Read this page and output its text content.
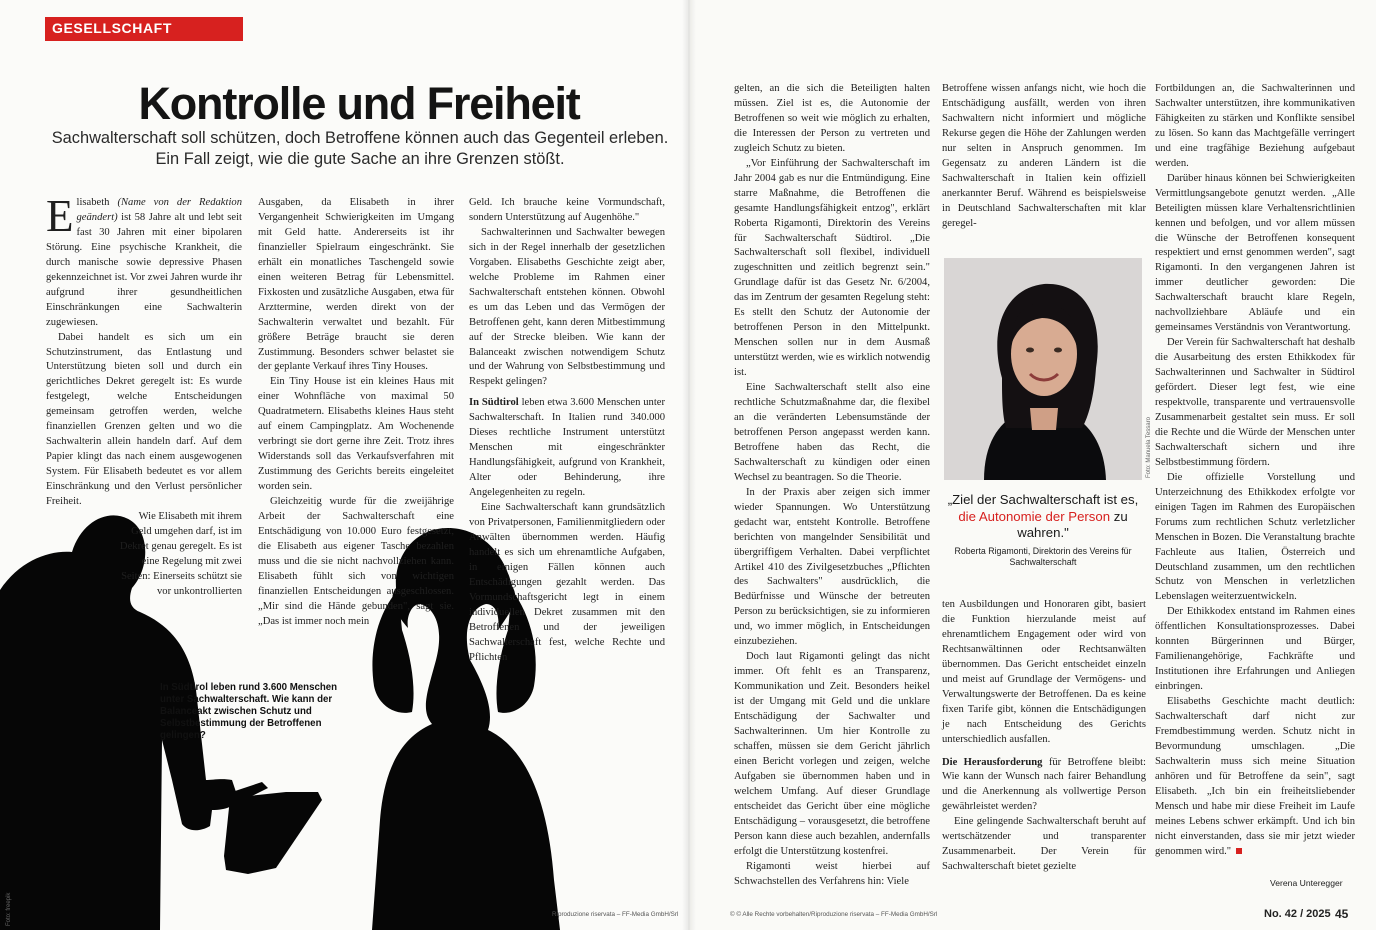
GESELLSCHAFT
Kontrolle und Freiheit
Sachwalterschaft soll schützen, doch Betroffene können auch das Gegenteil erleben.
Ein Fall zeigt, wie die gute Sache an ihre Grenzen stößt.

Elisabeth (Name von der Redaktion geändert) ist 58 Jahre alt und lebt seit fast 30 Jahren mit einer bipolaren Störung. Eine psychische Krankheit, die durch manische sowie depressive Phasen gekennzeichnet ist. Vor zwei Jahren wurde ihr aufgrund ihrer gesundheitlichen Einschränkungen eine Sachwalterin zugewiesen.

Dabei handelt es sich um ein Schutzinstrument, das Entlastung und Unterstützung bieten soll und durch ein gerichtliches Dekret geregelt ist: Es wurde festgelegt, welche Entscheidungen gemeinsam getroffen werden, welche finanziellen Grenzen gelten und wo die Sachwalterin allein handeln darf. Auf dem Papier klingt das nach einem ausgewogenen System. Für Elisabeth bedeutet es vor allem Einschränkung und den Verlust persönlicher Freiheit.

Wie Elisabeth mit ihrem Geld umgehen darf, ist im Dekret genau geregelt. Es ist eine Regelung mit zwei Seiten: Einerseits schützt sie vor unkontrollierten

Ausgaben, da Elisabeth in ihrer Vergangenheit Schwierigkeiten im Umgang mit Geld hatte. Andererseits ist ihr finanzieller Spielraum eingeschränkt. Sie erhält ein monatliches Taschengeld sowie einen weiteren Betrag für Lebensmittel. Fixkosten und zusätzliche Ausgaben, etwa für Arzttermine, werden direkt von der Sachwalterin verwaltet und bezahlt. Für größere Beträge braucht sie deren Zustimmung. Besonders schwer belastet sie der geplante Verkauf ihres Tiny Houses.

Ein Tiny House ist ein kleines Haus mit einer Wohnfläche von maximal 50 Quadratmetern. Elisabeths kleines Haus steht auf einem Campingplatz. Am Wochenende verbringt sie dort gerne ihre Zeit. Trotz ihres Widerstands soll das Verkaufsverfahren mit Zustimmung des Gerichts bereits eingeleitet worden sein.

Gleichzeitig wurde für die zweijährige Arbeit der Sachwalterschaft eine Entschädigung von 10.000 Euro festgesetzt, die Elisabeth aus eigener Tasche bezahlen muss und die sie nicht nachvollziehen kann. Elisabeth fühlt sich von wichtigen finanziellen Entscheidungen ausgeschlossen. „Mir sind die Hände gebunden", sagt sie. „Das ist immer noch mein

Geld. Ich brauche keine Vormundschaft, sondern Unterstützung auf Augenhöhe."

Sachwalterinnen und Sachwalter bewegen sich in der Regel innerhalb der gesetzlichen Vorgaben. Elisabeths Geschichte zeigt aber, welche Probleme im Rahmen einer Sachwalterschaft entstehen können. Obwohl es um das Leben und das Vermögen der Betroffenen geht, kann deren Mitbestimmung auf der Strecke bleiben. Wie kann der Balanceakt zwischen notwendigem Schutz und der Wahrung von Selbstbestimmung und Respekt gelingen?

In Südtirol leben etwa 3.600 Menschen unter Sachwalterschaft. In Italien rund 340.000 Dieses rechtliche Instrument unterstützt Menschen mit eingeschränkter Handlungsfähigkeit, aufgrund von Krankheit, Alter oder Behinderung, ihre Angelegenheiten zu regeln.

Eine Sachwalterschaft kann grundsätzlich von Privatpersonen, Familienmitgliedern oder Anwälten übernommen werden. Häufig handelt es sich um ehrenamtliche Aufgaben, in einigen Fällen können auch Entschädigungen gezahlt werden. Das Vormundschaftsgericht legt in einem individuellen Dekret zusammen mit den Betroffenen und der jeweiligen Sachwalterschaft fest, welche Rechte und Pflichten

In Südtirol leben rund 3.600 Menschen unter Sachwalterschaft. Wie kann der Balanceakt zwischen Schutz und Selbstbestimmung der Betroffenen gelingen?
Foto: freepik	Riproduzione riservata – FF-Media GmbH/Srl

gelten, an die sich die Beteiligten halten müssen. Ziel ist es, die Autonomie der Betroffenen so weit wie möglich zu erhalten, die Interessen der Person zu vertreten und zugleich Schutz zu bieten.

„Vor Einführung der Sachwalterschaft im Jahr 2004 gab es nur die Entmündigung. Eine starre Maßnahme, die Betroffenen die gesamte Handlungsfähigkeit entzog", erklärt Roberta Rigamonti, Direktorin des Vereins für Sachwalterschaft Südtirol. „Die Sachwalterschaft soll flexibel, individuell zugeschnitten und zeitlich begrenzt sein." Grundlage dafür ist das Gesetz Nr. 6/2004, das im Zentrum der gesamten Regelung steht: Es stellt den Schutz der Autonomie der betroffenen Person in den Mittelpunkt. Menschen sollen nur in dem Ausmaß unterstützt werden, wie es wirklich notwendig ist.

Eine Sachwalterschaft stellt also eine rechtliche Schutzmaßnahme dar, die flexibel an die veränderten Lebensumstände der betroffenen Person angepasst werden kann. Betroffene haben das Recht, die Sachwalterschaft zu kündigen oder einen Wechsel zu beantragen. So die Theorie.

In der Praxis aber zeigen sich immer wieder Spannungen. Wo Unterstützung gedacht war, entsteht Kontrolle. Betroffene berichten von mangelnder Sensibilität und übergriffigem Verhalten. Dabei verpflichtet Artikel 410 des Zivilgesetzbuches „Pflichten des Sachwalters" ausdrücklich, die Bedürfnisse und Wünsche der betreuten Person zu berücksichtigen, sie zu informieren und, wo immer möglich, in Entscheidungen einzubeziehen.

Doch laut Rigamonti gelingt das nicht immer. Oft fehlt es an Transparenz, Kommunikation und Zeit. Besonders heikel ist der Umgang mit Geld und die unklare Entschädigung der Sachwalter und Sachwalterinnen. Um hier Kontrolle zu schaffen, müssen sie dem Gericht jährlich einen Bericht vorlegen und zeigen, welche Aufgaben sie übernommen haben und in welchem Umfang. Auf dieser Grundlage entscheidet das Gericht über eine mögliche Entschädigung – vorausgesetzt, die betroffene Person kann diese auch bezahlen, andernfalls erfolgt die Unterstützung kostenfrei.

Rigamonti weist hierbei auf Schwachstellen des Verfahrens hin: Viele

Betroffene wissen anfangs nicht, wie hoch die Entschädigung ausfällt, werden von ihren Sachwaltern nicht informiert und mögliche Rekurse gegen die Höhe der Zahlungen werden nur selten in Anspruch genommen. Im Gegensatz zu anderen Ländern ist die Sachwalterschaft in Italien kein offiziell anerkannter Beruf. Während es beispielsweise in Deutschland Sachwalterschaften mit klar geregel-

Foto: Manuela Tessaro
„Ziel der Sachwalterschaft ist es, die Autonomie der Person zu wahren."
Roberta Rigamonti, Direktorin des Vereins für Sachwalterschaft

ten Ausbildungen und Honoraren gibt, basiert die Funktion hierzulande meist auf ehrenamtlichem Engagement oder wird von Rechtsanwältinnen oder Rechtsanwälten übernommen. Das Gericht entscheidet einzeln und meist auf Grundlage der Vermögens- und Verwaltungswerte der Betroffenen. Da es keine fixen Tarife gibt, können die Entschädigungen je nach Entscheidung des Gerichts unterschiedlich ausfallen.

Die Herausforderung für Betroffene bleibt: Wie kann der Wunsch nach fairer Behandlung und die Anerkennung als vollwertige Person gewährleistet werden?

Eine gelingende Sachwalterschaft beruht auf wertschätzender und transparenter Zusammenarbeit. Der Verein für Sachwalterschaft bietet gezielte

Fortbildungen an, die Sachwalterinnen und Sachwalter unterstützen, ihre kommunikativen Fähigkeiten zu stärken und Konflikte sensibel zu lösen. So kann das Machtgefälle verringert und eine tragfähige Beziehung aufgebaut werden.

Darüber hinaus können bei Schwierigkeiten Vermittlungsangebote genutzt werden. „Alle Beteiligten müssen klare Verhaltensrichtlinien kennen und befolgen, und vor allem müssen die Wünsche der Betroffenen konsequent respektiert und ernst genommen werden", sagt Rigamonti. In den vergangenen Jahren ist immer deutlicher geworden: Die Sachwalterschaft braucht klare Regeln, nachvollziehbare Abläufe und ein gemeinsames Verständnis von Verantwortung.

Der Verein für Sachwalterschaft hat deshalb die Ausarbeitung des ersten Ethikkodex für Sachwalterinnen und Sachwalter in Südtirol gefördert. Dieser legt fest, wie eine respektvolle, transparente und vertrauensvolle Zusammenarbeit gestaltet sein muss. Er soll die Rechte und die Würde der Menschen unter Sachwalterschaft sichern und ihre Selbstbestimmung fördern.

Die offizielle Vorstellung und Unterzeichnung des Ethikkodex erfolgte vor einigen Tagen im Rahmen des Europäischen Forums zum rechtlichen Schutz verletzlicher Menschen in Bozen. Die Veranstaltung brachte Fachleute aus Italien, Österreich und Deutschland zusammen, um den rechtlichen Schutz von Menschen in verletzlichen Lebenslagen weiterzuentwickeln.

Der Ethikkodex entstand im Rahmen eines öffentlichen Konsultationsprozesses. Dabei konnten Bürgerinnen und Bürger, Familienangehörige, Fachkräfte und Institutionen ihre Erfahrungen und Anliegen einbringen.

Elisabeths Geschichte macht deutlich: Sachwalterschaft darf nicht zur Fremdbestimmung werden. Schutz nicht in Bevormundung umschlagen. „Die Sachwalterin muss sich meine Situation anhören und für Betroffene da sein", sagt Elisabeth. „Ich bin ein freiheitsliebender Mensch und habe mir diese Freiheit im Laufe meines Lebens schwer erkämpft. Und ich bin nicht einverstanden, dass sie mir jetzt wieder genommen wird."

Verena Unteregger
© © Alle Rechte vorbehalten/Riproduzione riservata – FF-Media GmbH/Srl	No. 42 / 2025 45
